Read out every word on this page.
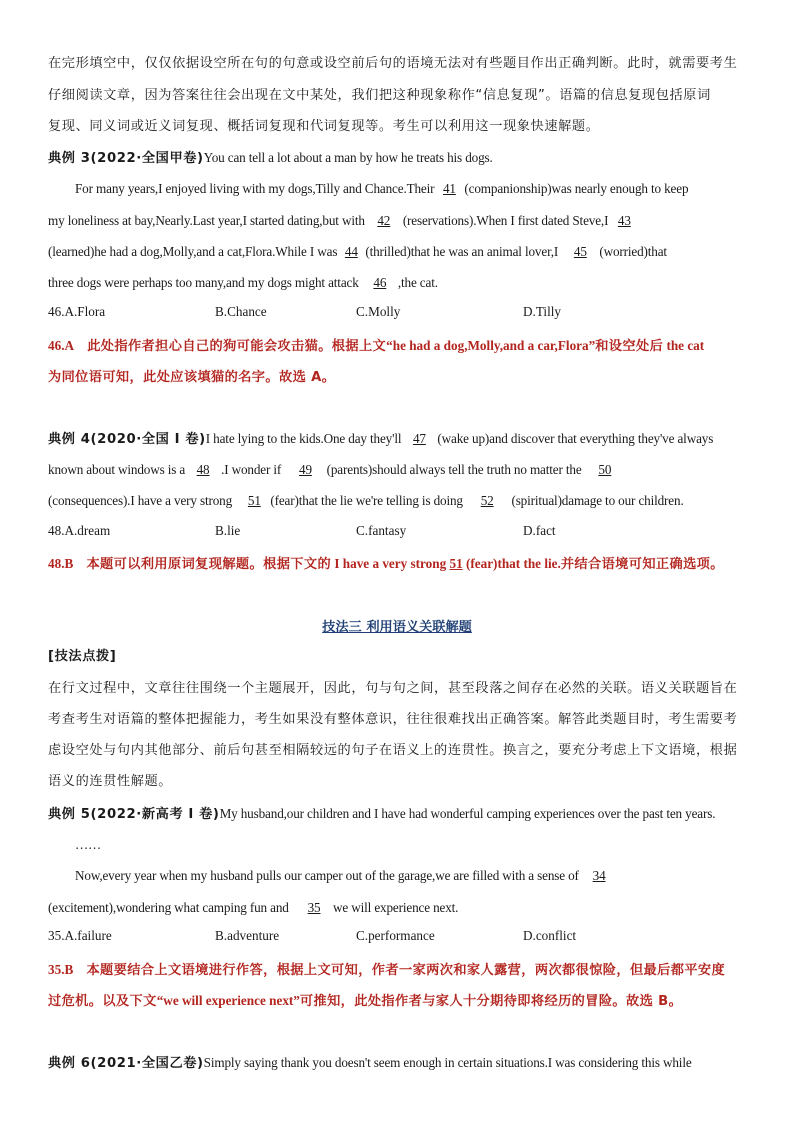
在完形填空中，仅仅依据设空所在句的句意或设空前后句的语境无法对有些题目作出正确判断。此时，就需要考生
仔细阅读文章，因为答案往往会出现在文中某处，我们把这种现象称作“信息复现”。语篇的信息复现包括原词
复现、同义词或近义词复现、概括词复现和代词复现等。考生可以利用这一现象快速解题。
典例 3(2022·全国甲卷)You can tell a lot about a man by how he treats his dogs.
For many years,I enjoyed living with my dogs,Tilly and Chance.Their 41 (companionship)was nearly enough to keep
my loneliness at bay,Nearly.Last year,I started dating,but with 42 (reservations).When I first dated Steve,I 43
(learned)he had a dog,Molly,and a cat,Flora.While I was 44 (thrilled)that he was an animal lover,I 45 (worried)that
three dogs were perhaps too many,and my dogs might attack 46 ,the cat.
46.A.Flora	B.Chance	C.Molly	D.Tilly
46.A 此处指作者担心自己的狗可能会攻击猫。根据上文“he had a dog,Molly,and a car,Flora”和设空处后 the cat
为同位语可知，此处应该填猫的名字。故选 A。
典例 4(2020·全国 I 卷)I hate lying to the kids.One day they'll 47 (wake up)and discover that everything they've always
known about windows is a 48 .I wonder if 49 (parents)should always tell the truth no matter the 50
(consequences).I have a very strong 51 (fear)that the lie we're telling is doing 52 (spiritual)damage to our children.
48.A.dream	B.lie	C.fantasy	D.fact
48.B 本题可以利用原词复现解题。根据下文的 I have a very strong 51 (fear)that the lie.并结合语境可知正确选项。
技法三 利用语义关联解题
[技法点拨]
在行文过程中，文章往往围绕一个主题展开，因此，句与句之间，甚至段落之间存在必然的关联。语义关联题旨在
考查考生对语篇的整体把握能力，考生如果没有整体意识，往往很难找出正确答案。解答此类题目时，考生需要考
虑设空处与句内其他部分、前后句甚至相隔较远的句子在语义上的连贯性。换言之，要充分考虑上下文语境，根据
语义的连贯性解题。
典例 5(2022·新高考 I 卷)My husband,our children and I have had wonderful camping experiences over the past ten years.
……
Now,every year when my husband pulls our camper out of the garage,we are filled with a sense of 34
(excitement),wondering what camping fun and 35 we will experience next.
35.A.failure	B.adventure	C.performance	D.conflict
35.B 本题要结合上文语境进行作答，根据上文可知，作者一家两次和家人露营，两次都很惊险，但最后都平安度
过危机。以及下文“we will experience next”可推知，此处指作者与家人十分期待即将经历的冒险。故选 B。
典例 6(2021·全国乙卷)Simply saying thank you doesn't seem enough in certain situations.I was considering this while
